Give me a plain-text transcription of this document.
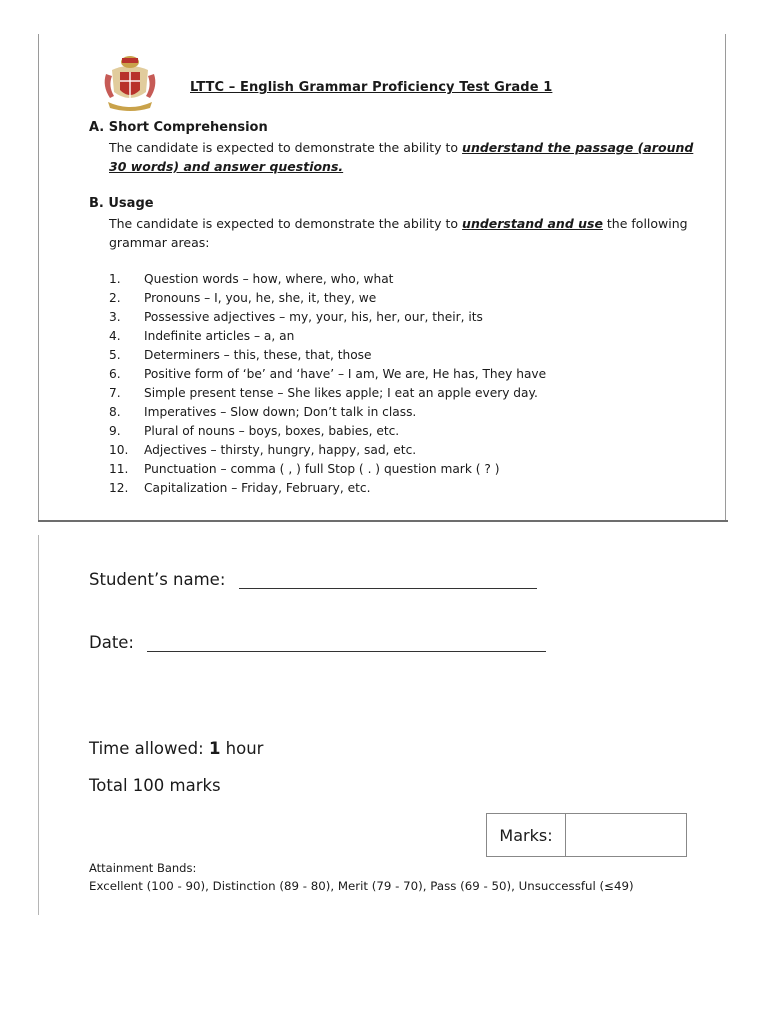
LTTC – English Grammar Proficiency Test Grade 1
A. Short Comprehension
The candidate is expected to demonstrate the ability to understand the passage (around 30 words) and answer questions.
B. Usage
The candidate is expected to demonstrate the ability to understand and use the following grammar areas:
1. Question words – how, where, who, what
2. Pronouns – I, you, he, she, it, they, we
3. Possessive adjectives – my, your, his, her, our, their, its
4. Indefinite articles – a, an
5. Determiners – this, these, that, those
6. Positive form of ‘be’ and ‘have’ – I am, We are, He has, They have
7. Simple present tense – She likes apple; I eat an apple every day.
8. Imperatives – Slow down; Don’t talk in class.
9. Plural of nouns – boys, boxes, babies, etc.
10. Adjectives – thirsty, hungry, happy, sad, etc.
11. Punctuation – comma ( , ) full Stop ( . ) question mark ( ? )
12. Capitalization – Friday, February, etc.
Student’s name:
Date:
Time allowed: 1 hour
Total 100 marks
Marks:
Attainment Bands:
Excellent (100 - 90), Distinction (89 - 80), Merit (79 - 70), Pass (69 - 50), Unsuccessful (≤49)
